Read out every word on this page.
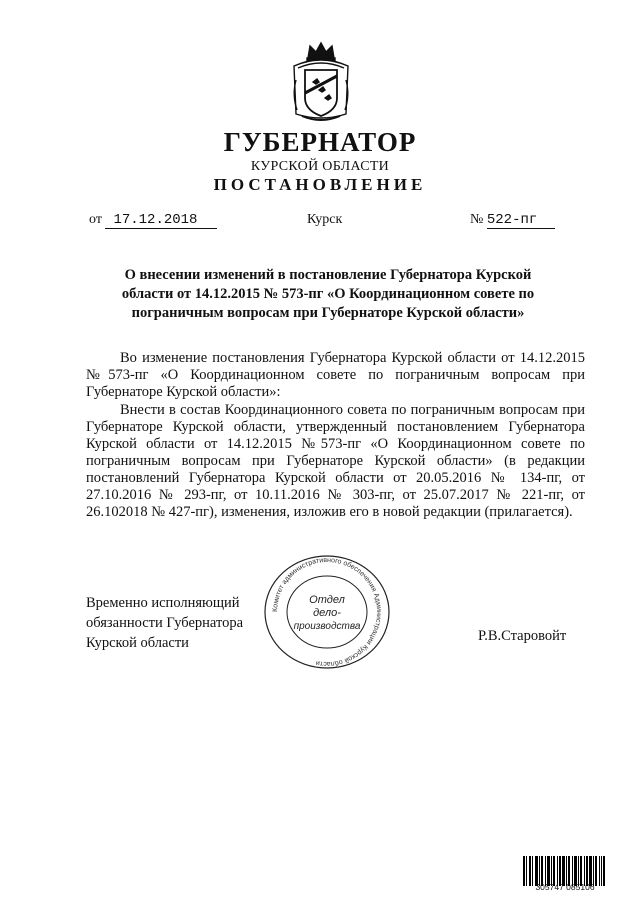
ГУБЕРНАТОР
КУРСКОЙ ОБЛАСТИ
ПОСТАНОВЛЕНИЕ
от 17.12.2018	Курск	№ 522-пг
О внесении изменений в постановление Губернатора Курской области от 14.12.2015 № 573-пг «О Координационном совете по пограничным вопросам при Губернаторе Курской области»
Во изменение постановления Губернатора Курской области от 14.12.2015 №573-пг «О Координационном совете по пограничным вопросам при Губернаторе Курской области»:
Внести в состав Координационного совета по пограничным вопросам при Губернаторе Курской области, утвержденный постановлением Губернатора Курской области от 14.12.2015 №573-пг «О Координационном совете по пограничным вопросам при Губернаторе Курской области» (в редакции постановлений Губернатора Курской области от 20.05.2016 № 134-пг, от 27.10.2016 № 293-пг, от 10.11.2016 № 303-пг, от 25.07.2017 № 221-пг, от 26.102018 № 427-пг), изменения, изложив его в новой редакции (прилагается).
Временно исполняющий
обязанности Губернатора
Курской области	Р.В.Старовойт
Комитет административного обеспечения Администрации Курской области
Отдел
дело-
производства
305747 085106
